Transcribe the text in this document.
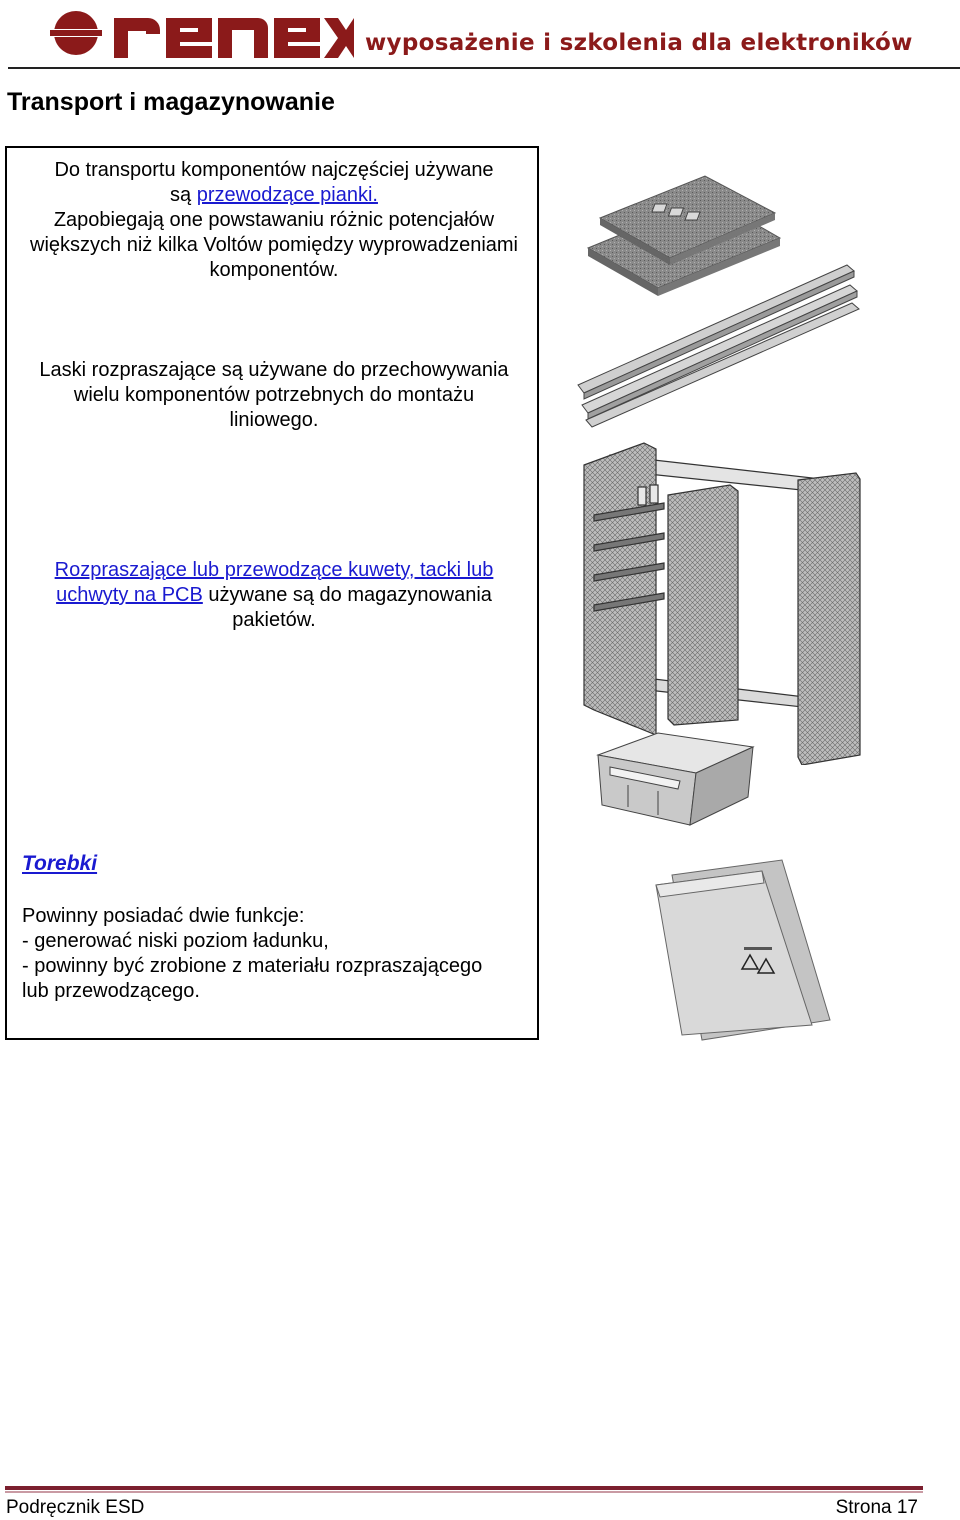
wyposażenie i szkolenia dla elektroników
Transport i magazynowanie
Do transportu komponentów najczęściej używane
są przewodzące pianki.
Zapobiegają one powstawaniu różnic potencjałów większych niż kilka Voltów pomiędzy wyprowadzeniami komponentów.
Laski rozpraszające są używane do przechowywania wielu komponentów potrzebnych do montażu liniowego.
Rozpraszające lub przewodzące kuwety, tacki lub uchwyty na PCB używane są do magazynowania pakietów.
Torebki
Powinny posiadać dwie funkcje:
- generować niski poziom ładunku,
- powinny być zrobione z materiału rozpraszającego
lub przewodzącego.
Podręcznik ESD	Strona 17
